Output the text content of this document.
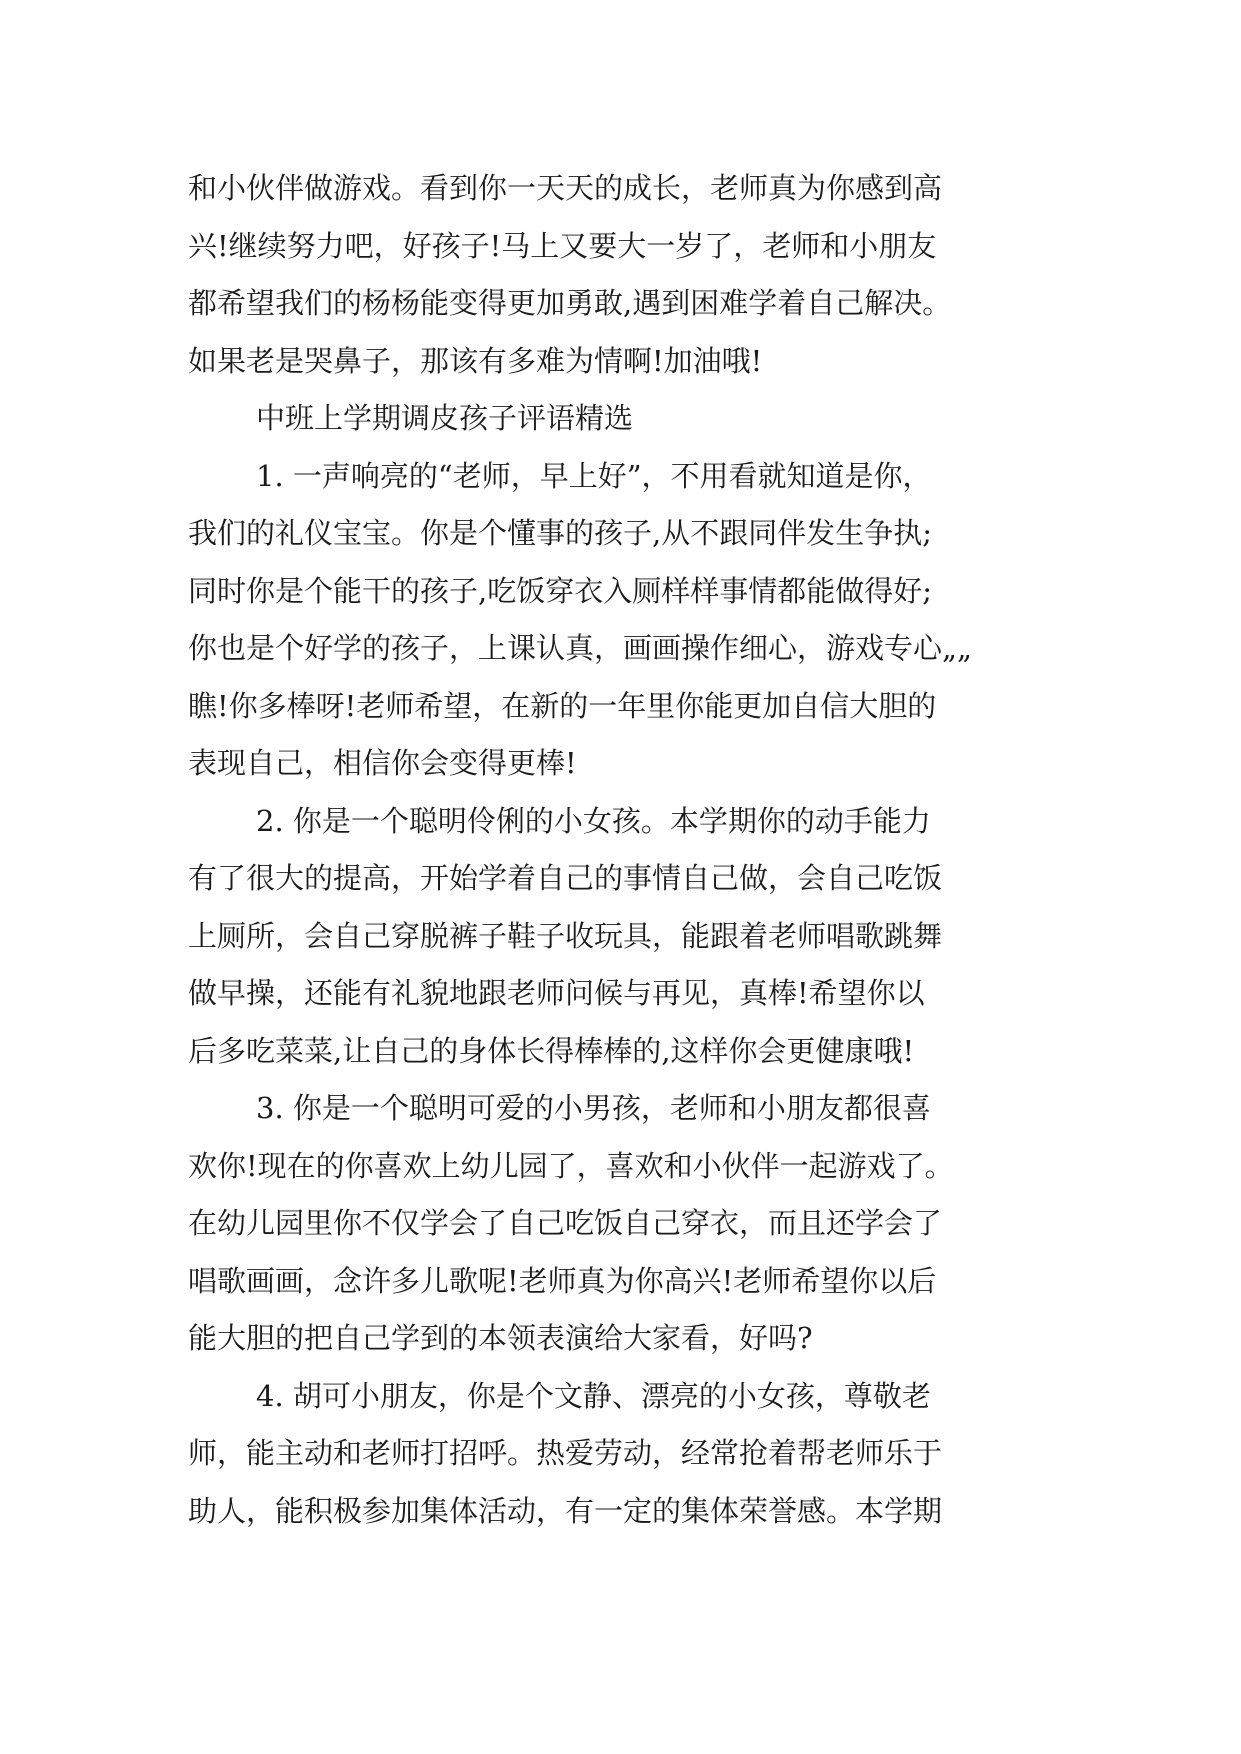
和小伙伴做游戏。看到你一天天的成长，老师真为你感到高
兴!继续努力吧，好孩子!马上又要大一岁了，老师和小朋友
都希望我们的杨杨能变得更加勇敢,遇到困难学着自己解决。
如果老是哭鼻子，那该有多难为情啊!加油哦!
中班上学期调皮孩子评语精选
1. 一声响亮的“老师，早上好”，不用看就知道是你，
我们的礼仪宝宝。你是个懂事的孩子,从不跟同伴发生争执;
同时你是个能干的孩子,吃饭穿衣入厕样样事情都能做得好;
你也是个好学的孩子，上课认真，画画操作细心，游戏专心„„
瞧!你多棒呀!老师希望，在新的一年里你能更加自信大胆的
表现自己，相信你会变得更棒!
2. 你是一个聪明伶俐的小女孩。本学期你的动手能力
有了很大的提高，开始学着自己的事情自己做，会自己吃饭
上厕所，会自己穿脱裤子鞋子收玩具，能跟着老师唱歌跳舞
做早操，还能有礼貌地跟老师问候与再见，真棒!希望你以
后多吃菜菜,让自己的身体长得棒棒的,这样你会更健康哦!
3. 你是一个聪明可爱的小男孩，老师和小朋友都很喜
欢你!现在的你喜欢上幼儿园了，喜欢和小伙伴一起游戏了。
在幼儿园里你不仅学会了自己吃饭自己穿衣，而且还学会了
唱歌画画，念许多儿歌呢!老师真为你高兴!老师希望你以后
能大胆的把自己学到的本领表演给大家看，好吗?
4. 胡可小朋友，你是个文静、漂亮的小女孩，尊敬老
师，能主动和老师打招呼。热爱劳动，经常抢着帮老师乐于
助人，能积极参加集体活动，有一定的集体荣誉感。本学期
